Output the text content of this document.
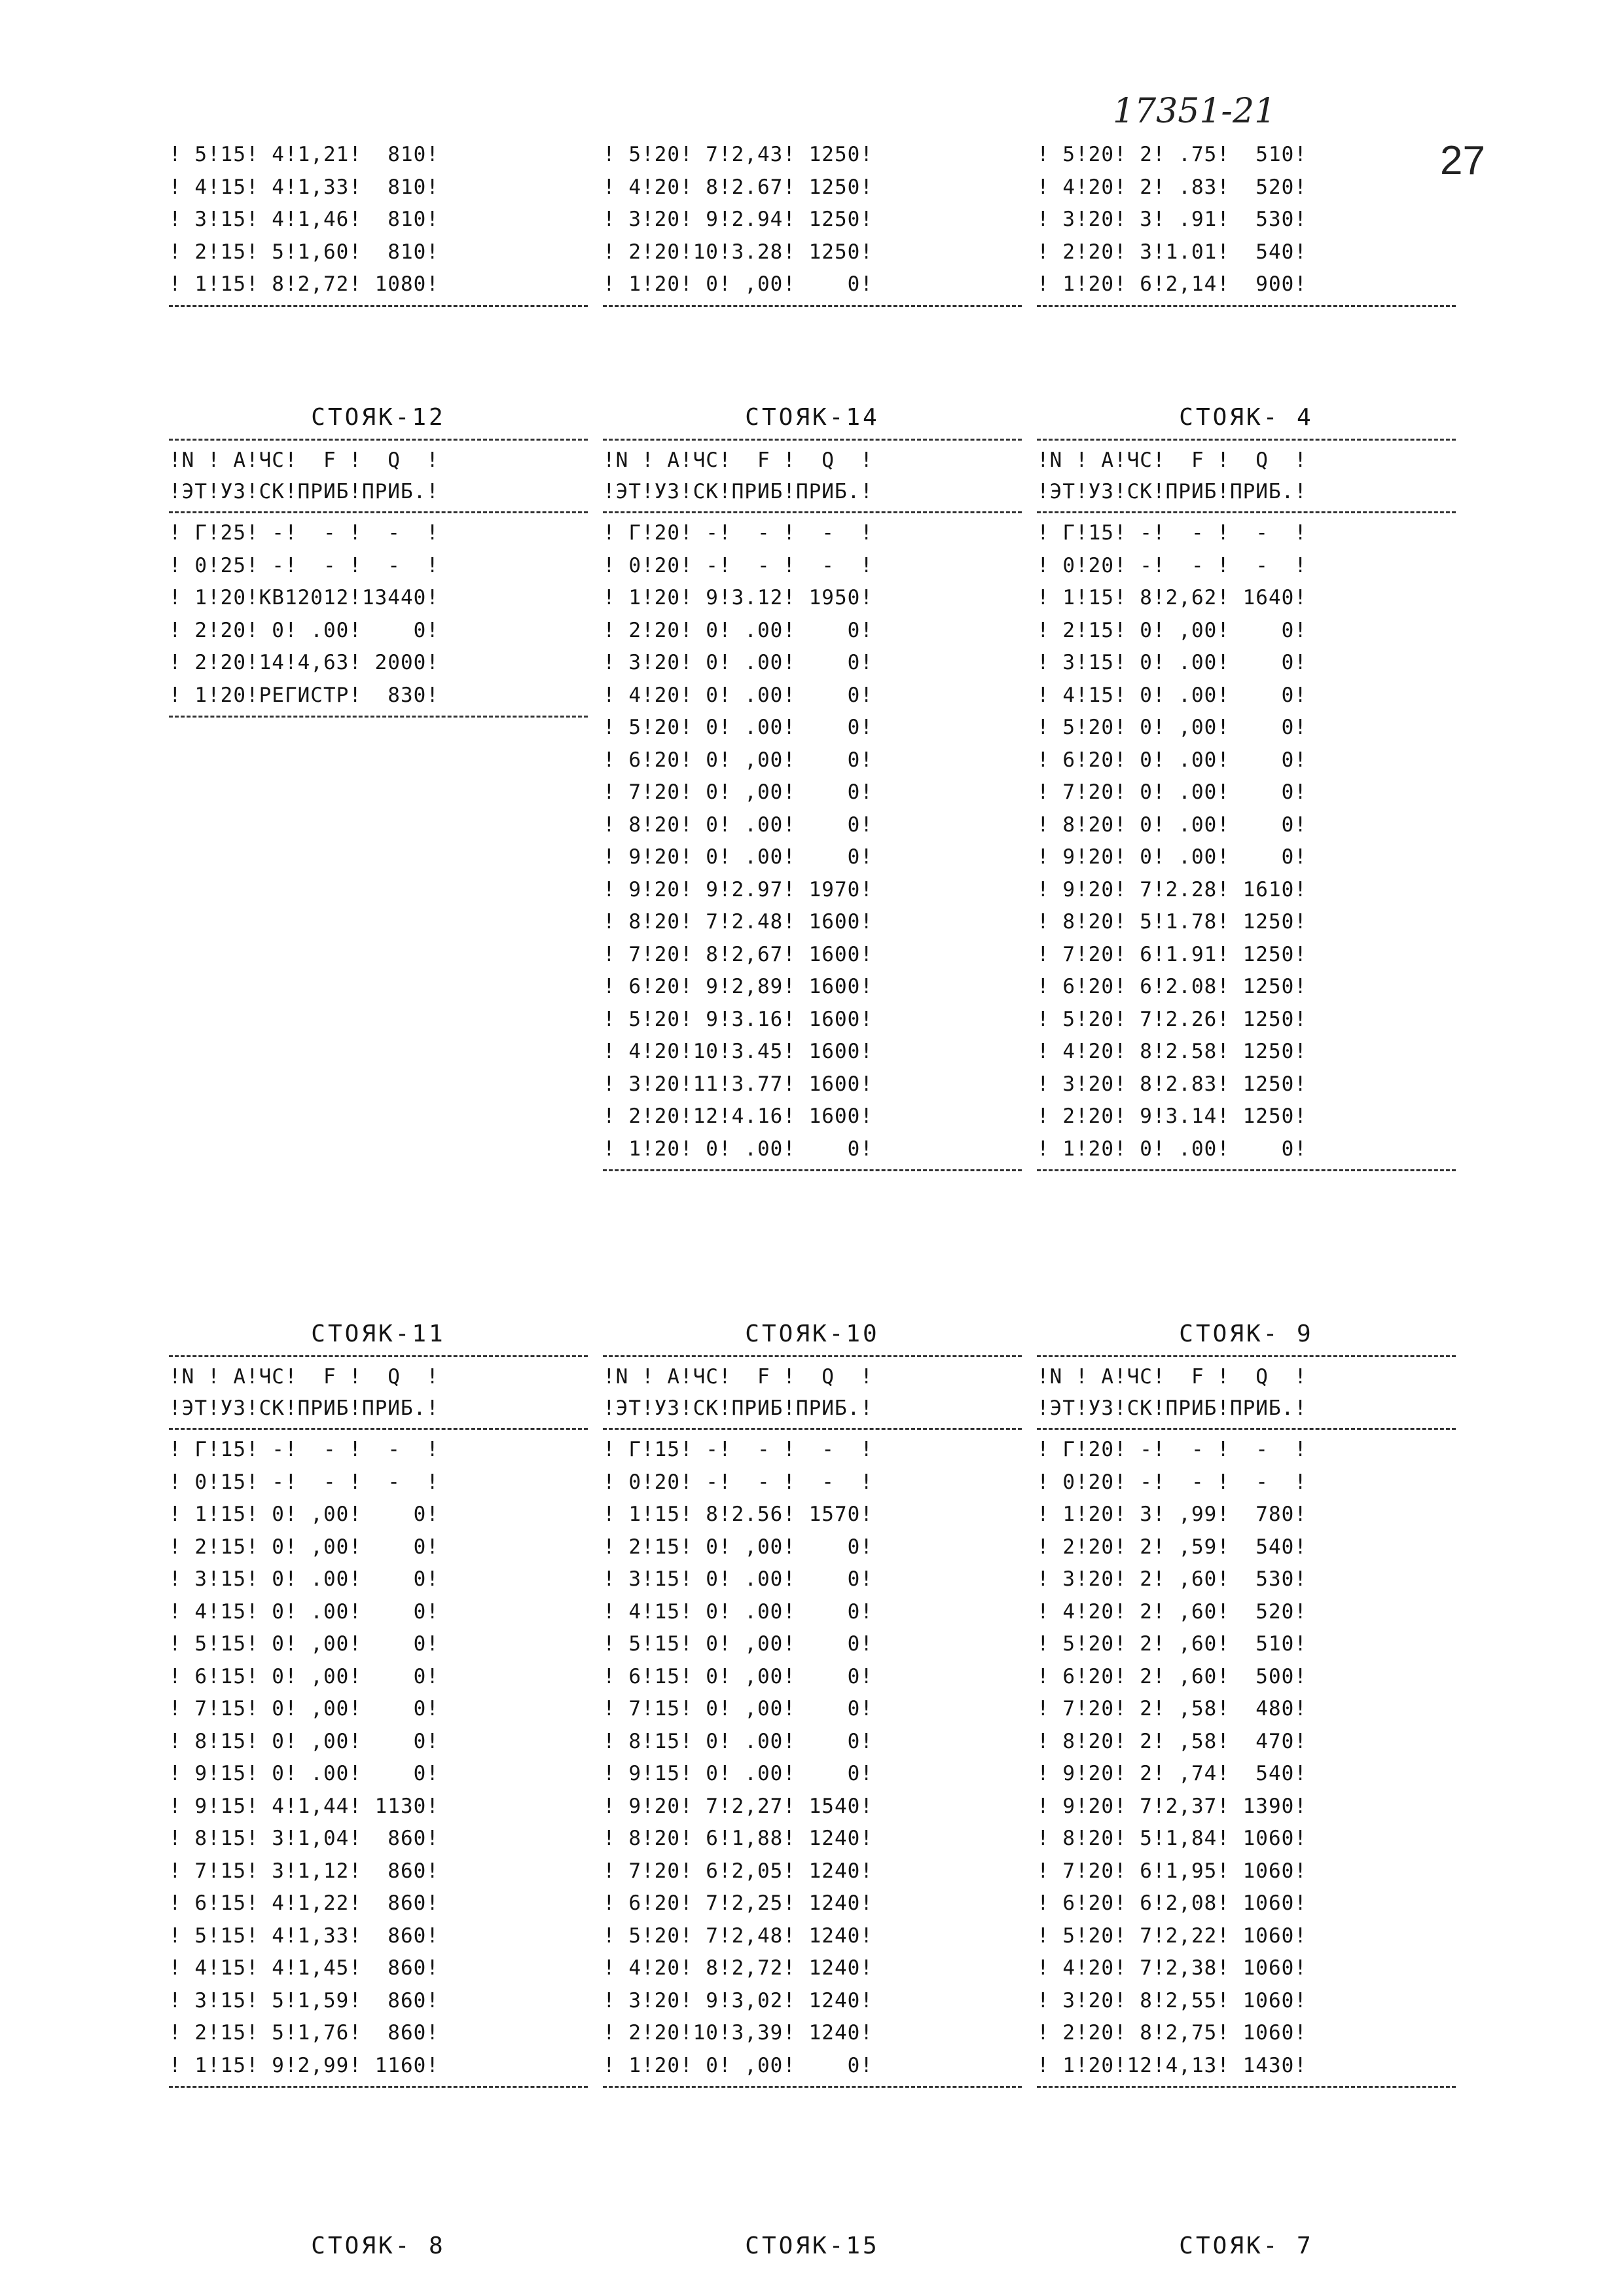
17351-21
27
! 5!15! 4!1,21!  810!
! 4!15! 4!1,33!  810!
! 3!15! 4!1,46!  810!
! 2!15! 5!1,60!  810!
! 1!15! 8!2,72! 1080!
! 5!20! 7!2,43! 1250!
! 4!20! 8!2.67! 1250!
! 3!20! 9!2.94! 1250!
! 2!20!10!3.28! 1250!
! 1!20! 0! ,00!    0!
! 5!20! 2! .75!  510!
! 4!20! 2! .83!  520!
! 3!20! 3! .91!  530!
! 2!20! 3!1.01!  540!
! 1!20! 6!2,14!  900!
СТОЯК-12
!N ! А!ЧС!  F !  Q  !
!ЭТ!УЗ!СК!ПРИБ!ПРИБ.!
! Г!25! -!  - !  -  !
! 0!25! -!  - !  -  !
! 1!20!КВ12012!13440!
! 2!20! 0! .00!    0!
! 2!20!14!4,63! 2000!
! 1!20!РЕГИСТР!  830!
СТОЯК-14
!N ! А!ЧС!  F !  Q  !
!ЭТ!УЗ!СК!ПРИБ!ПРИБ.!
! Г!20! -!  - !  -  !
! 0!20! -!  - !  -  !
! 1!20! 9!3.12! 1950!
! 2!20! 0! .00!    0!
! 3!20! 0! .00!    0!
! 4!20! 0! .00!    0!
! 5!20! 0! .00!    0!
! 6!20! 0! ,00!    0!
! 7!20! 0! ,00!    0!
! 8!20! 0! .00!    0!
! 9!20! 0! .00!    0!
! 9!20! 9!2.97! 1970!
! 8!20! 7!2.48! 1600!
! 7!20! 8!2,67! 1600!
! 6!20! 9!2,89! 1600!
! 5!20! 9!3.16! 1600!
! 4!20!10!3.45! 1600!
! 3!20!11!3.77! 1600!
! 2!20!12!4.16! 1600!
! 1!20! 0! .00!    0!
СТОЯК- 4
!N ! А!ЧС!  F !  Q  !
!ЭТ!УЗ!СК!ПРИБ!ПРИБ.!
! Г!15! -!  - !  -  !
! 0!20! -!  - !  -  !
! 1!15! 8!2,62! 1640!
! 2!15! 0! ,00!    0!
! 3!15! 0! .00!    0!
! 4!15! 0! .00!    0!
! 5!20! 0! ,00!    0!
! 6!20! 0! .00!    0!
! 7!20! 0! .00!    0!
! 8!20! 0! .00!    0!
! 9!20! 0! .00!    0!
! 9!20! 7!2.28! 1610!
! 8!20! 5!1.78! 1250!
! 7!20! 6!1.91! 1250!
! 6!20! 6!2.08! 1250!
! 5!20! 7!2.26! 1250!
! 4!20! 8!2.58! 1250!
! 3!20! 8!2.83! 1250!
! 2!20! 9!3.14! 1250!
! 1!20! 0! .00!    0!
СТОЯК-11
!N ! А!ЧС!  F !  Q  !
!ЭТ!УЗ!СК!ПРИБ!ПРИБ.!
! Г!15! -!  - !  -  !
! 0!15! -!  - !  -  !
! 1!15! 0! ,00!    0!
! 2!15! 0! ,00!    0!
! 3!15! 0! .00!    0!
! 4!15! 0! .00!    0!
! 5!15! 0! ,00!    0!
! 6!15! 0! ,00!    0!
! 7!15! 0! ,00!    0!
! 8!15! 0! ,00!    0!
! 9!15! 0! .00!    0!
! 9!15! 4!1,44! 1130!
! 8!15! 3!1,04!  860!
! 7!15! 3!1,12!  860!
! 6!15! 4!1,22!  860!
! 5!15! 4!1,33!  860!
! 4!15! 4!1,45!  860!
! 3!15! 5!1,59!  860!
! 2!15! 5!1,76!  860!
! 1!15! 9!2,99! 1160!
СТОЯК-10
!N ! А!ЧС!  F !  Q  !
!ЭТ!УЗ!СК!ПРИБ!ПРИБ.!
! Г!15! -!  - !  -  !
! 0!20! -!  - !  -  !
! 1!15! 8!2.56! 1570!
! 2!15! 0! ,00!    0!
! 3!15! 0! .00!    0!
! 4!15! 0! .00!    0!
! 5!15! 0! ,00!    0!
! 6!15! 0! ,00!    0!
! 7!15! 0! ,00!    0!
! 8!15! 0! .00!    0!
! 9!15! 0! .00!    0!
! 9!20! 7!2,27! 1540!
! 8!20! 6!1,88! 1240!
! 7!20! 6!2,05! 1240!
! 6!20! 7!2,25! 1240!
! 5!20! 7!2,48! 1240!
! 4!20! 8!2,72! 1240!
! 3!20! 9!3,02! 1240!
! 2!20!10!3,39! 1240!
! 1!20! 0! ,00!    0!
СТОЯК- 9
!N ! А!ЧС!  F !  Q  !
!ЭТ!УЗ!СК!ПРИБ!ПРИБ.!
! Г!20! -!  - !  -  !
! 0!20! -!  - !  -  !
! 1!20! 3! ,99!  780!
! 2!20! 2! ,59!  540!
! 3!20! 2! ,60!  530!
! 4!20! 2! ,60!  520!
! 5!20! 2! ,60!  510!
! 6!20! 2! ,60!  500!
! 7!20! 2! ,58!  480!
! 8!20! 2! ,58!  470!
! 9!20! 2! ,74!  540!
! 9!20! 7!2,37! 1390!
! 8!20! 5!1,84! 1060!
! 7!20! 6!1,95! 1060!
! 6!20! 6!2,08! 1060!
! 5!20! 7!2,22! 1060!
! 4!20! 7!2,38! 1060!
! 3!20! 8!2,55! 1060!
! 2!20! 8!2,75! 1060!
! 1!20!12!4,13! 1430!
СТОЯК- 8	СТОЯК-15	СТОЯК- 7
